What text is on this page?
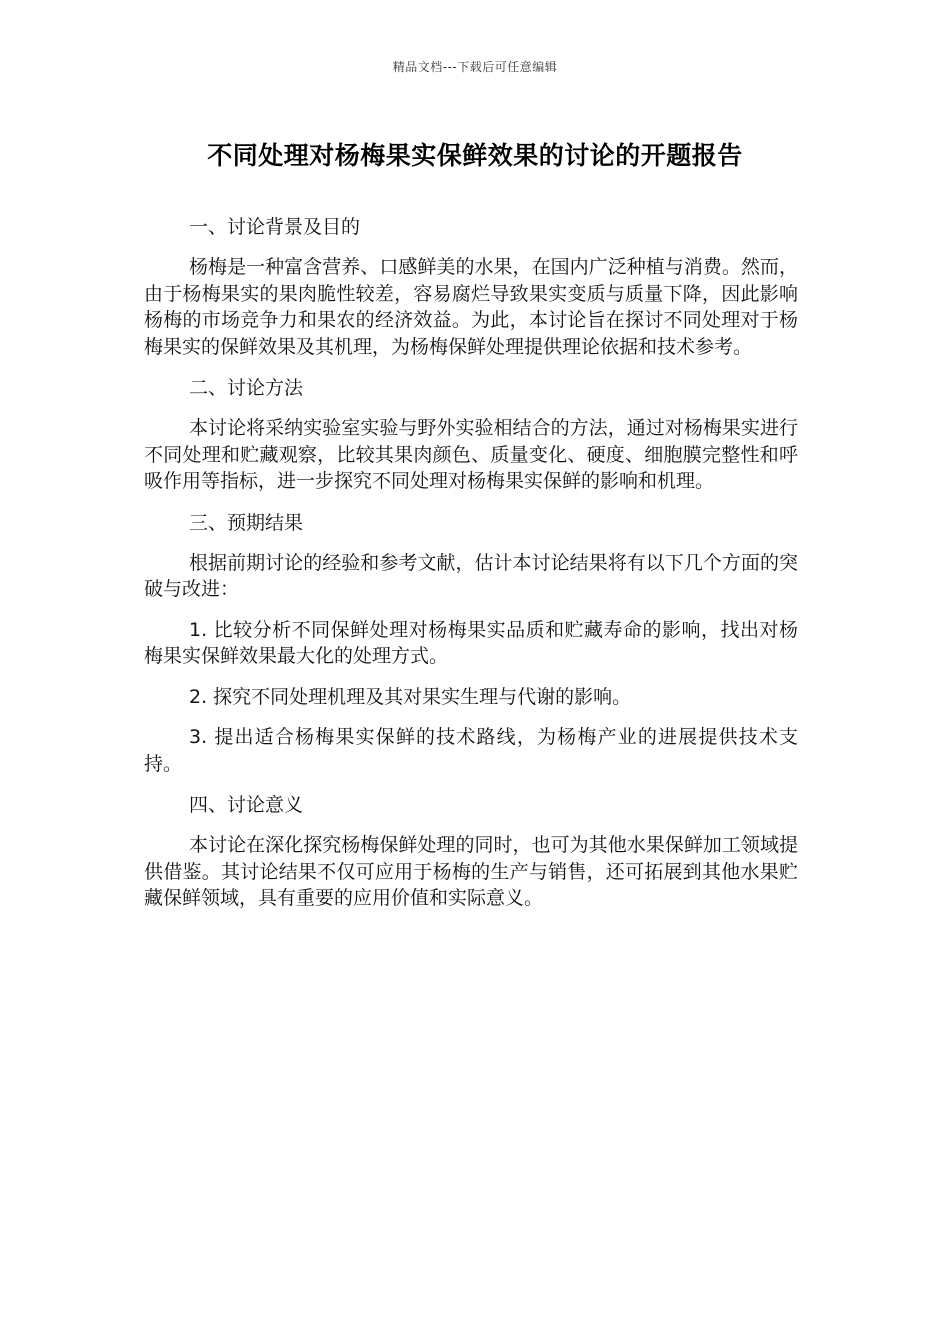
精品文档---下载后可任意编辑
不同处理对杨梅果实保鲜效果的讨论的开题报告

一、讨论背景及目的

杨梅是一种富含营养、口感鲜美的水果，在国内广泛种植与消费。然而，由于杨梅果实的果肉脆性较差，容易腐烂导致果实变质与质量下降，因此影响杨梅的市场竞争力和果农的经济效益。为此，本讨论旨在探讨不同处理对于杨梅果实的保鲜效果及其机理，为杨梅保鲜处理提供理论依据和技术参考。

二、讨论方法

本讨论将采纳实验室实验与野外实验相结合的方法，通过对杨梅果实进行不同处理和贮藏观察，比较其果肉颜色、质量变化、硬度、细胞膜完整性和呼吸作用等指标，进一步探究不同处理对杨梅果实保鲜的影响和机理。

三、预期结果

根据前期讨论的经验和参考文献，估计本讨论结果将有以下几个方面的突破与改进：

1. 比较分析不同保鲜处理对杨梅果实品质和贮藏寿命的影响，找出对杨梅果实保鲜效果最大化的处理方式。

2. 探究不同处理机理及其对果实生理与代谢的影响。

3. 提出适合杨梅果实保鲜的技术路线，为杨梅产业的进展提供技术支持。

四、讨论意义

本讨论在深化探究杨梅保鲜处理的同时，也可为其他水果保鲜加工领域提供借鉴。其讨论结果不仅可应用于杨梅的生产与销售，还可拓展到其他水果贮藏保鲜领域，具有重要的应用价值和实际意义。
